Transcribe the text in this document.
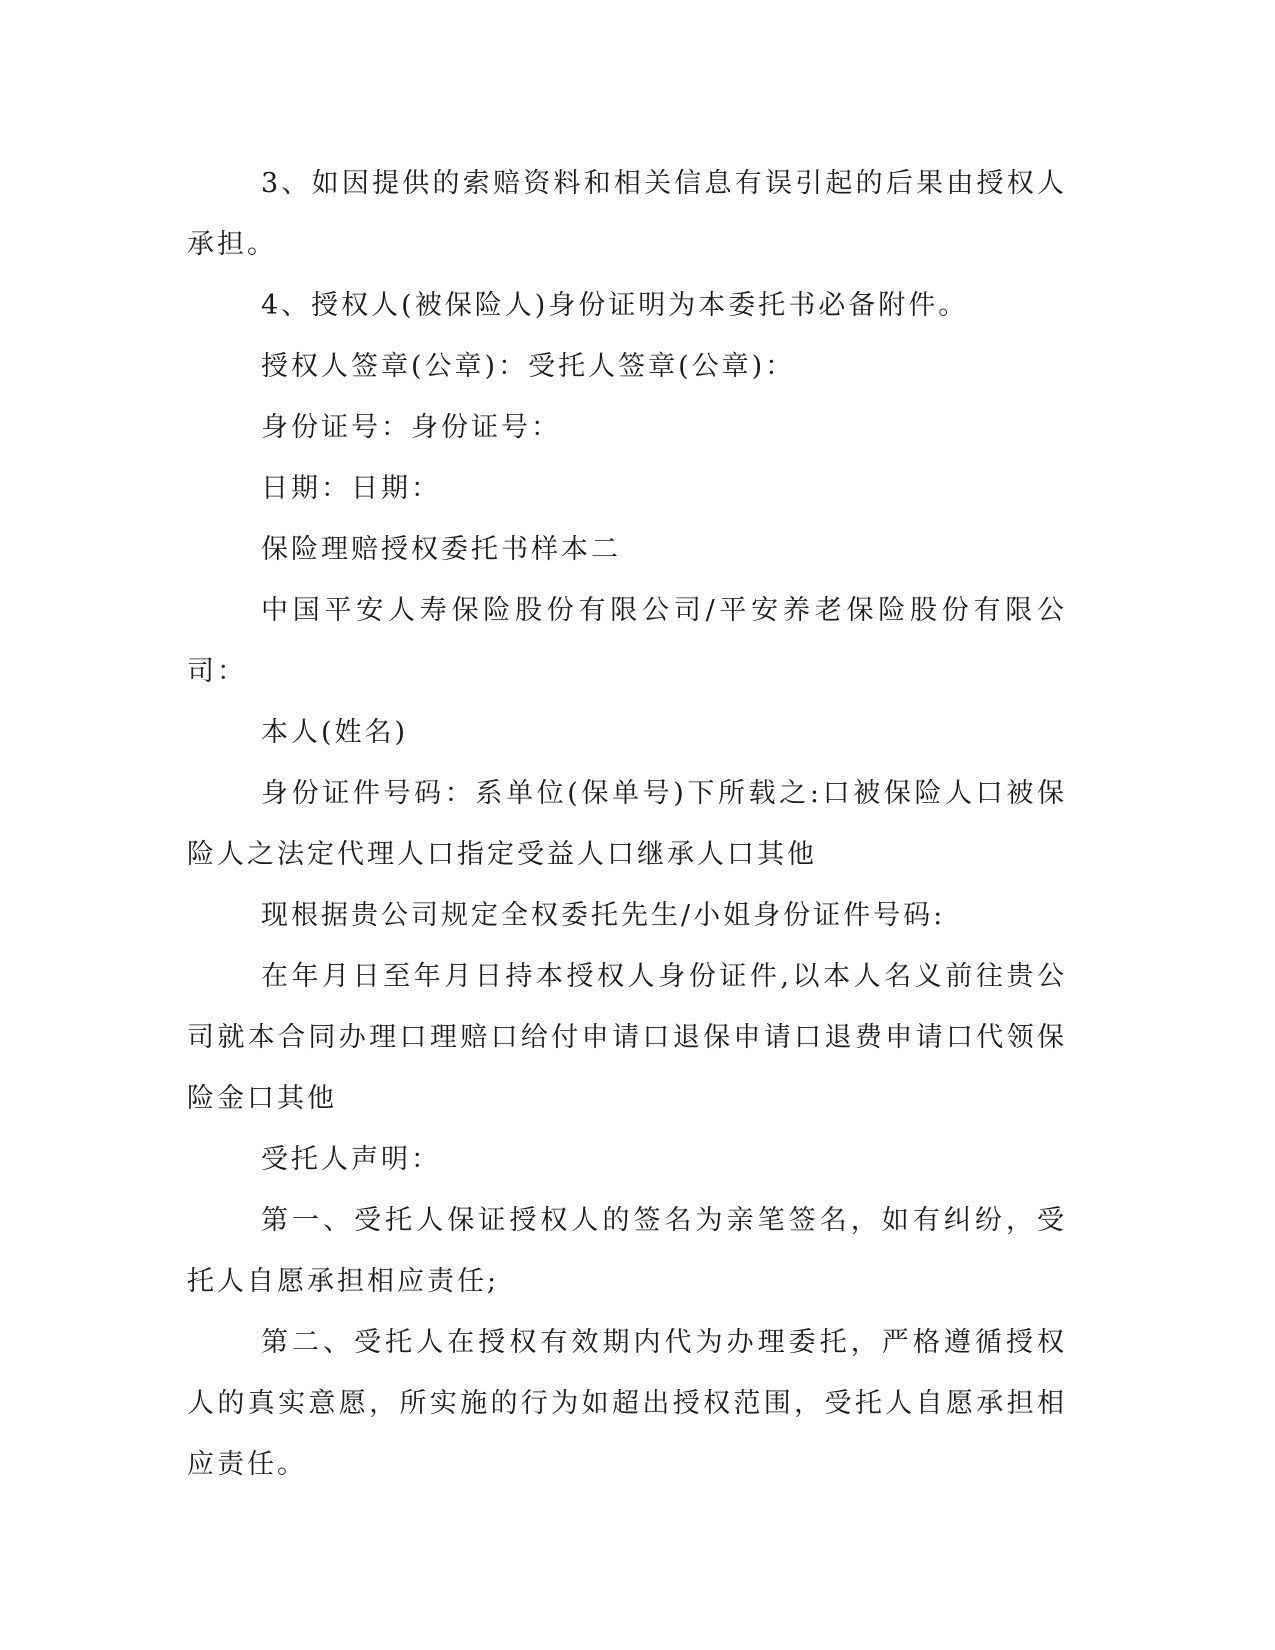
3、如因提供的索赔资料和相关信息有误引起的后果由授权人承担。

4、授权人(被保险人)身份证明为本委托书必备附件。

授权人签章(公章)：受托人签章(公章)：

身份证号：身份证号：

日期：日期：

保险理赔授权委托书样本二

中国平安人寿保险股份有限公司/平安养老保险股份有限公司：

本人(姓名)

身份证件号码：系单位(保单号)下所载之:口被保险人口被保险人之法定代理人口指定受益人口继承人口其他

现根据贵公司规定全权委托先生/小姐身份证件号码:

在年月日至年月日持本授权人身份证件,以本人名义前往贵公司就本合同办理口理赔口给付申请口退保申请口退费申请口代领保险金口其他

受托人声明：

第一、受托人保证授权人的签名为亲笔签名，如有纠纷，受托人自愿承担相应责任;

第二、受托人在授权有效期内代为办理委托，严格遵循授权人的真实意愿，所实施的行为如超出授权范围，受托人自愿承担相应责任。
